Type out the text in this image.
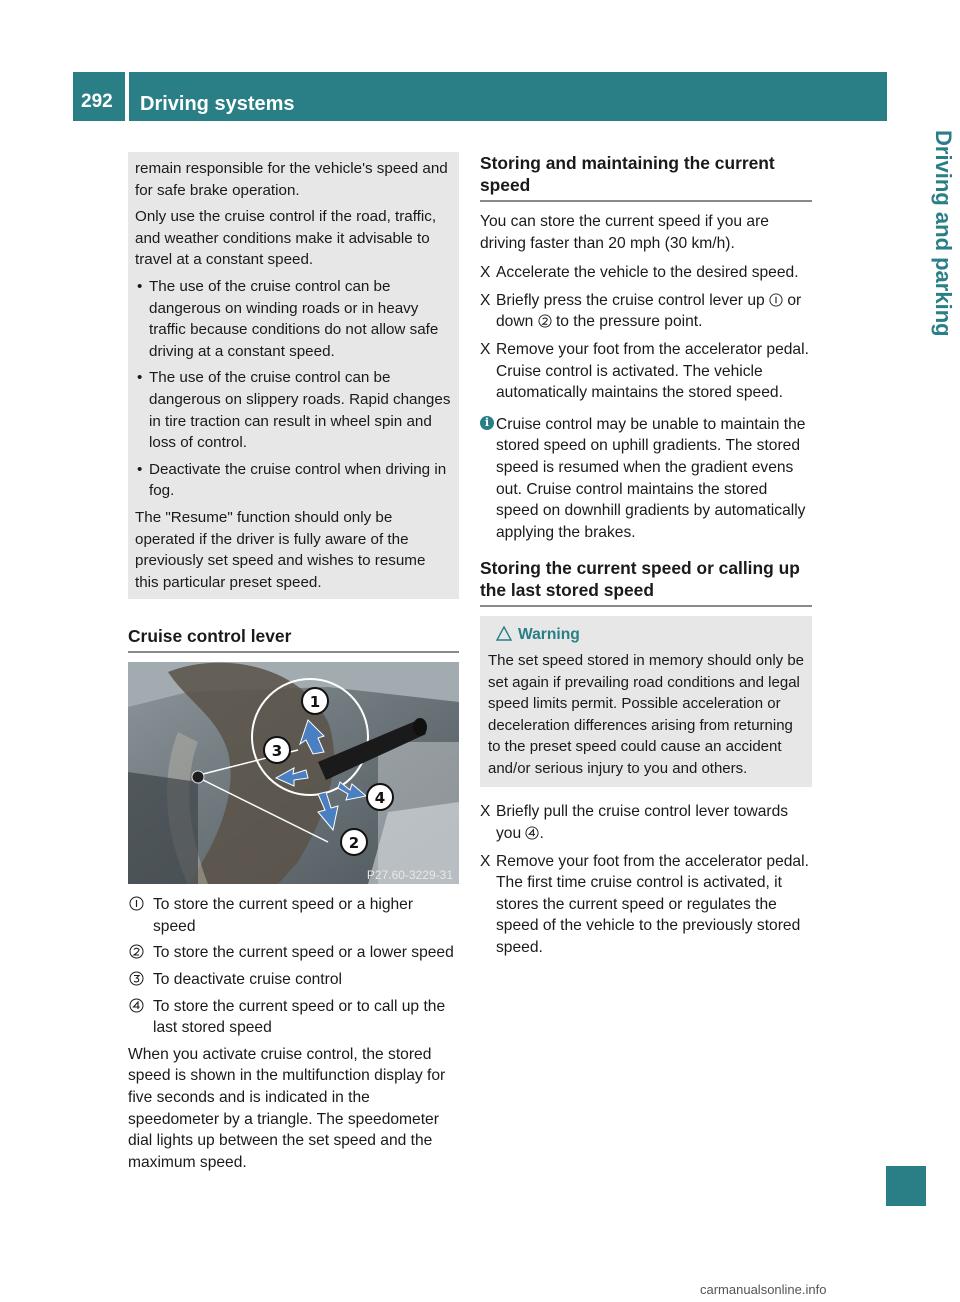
292	Driving systems
Driving and parking

remain responsible for the vehicle's speed and for safe brake operation.

Only use the cruise control if the road, traffic, and weather conditions make it advisable to travel at a constant speed.

• The use of the cruise control can be dangerous on winding roads or in heavy traffic because conditions do not allow safe driving at a constant speed.
• The use of the cruise control can be dangerous on slippery roads. Rapid changes in tire traction can result in wheel spin and loss of control.
• Deactivate the cruise control when driving in fog.

The "Resume" function should only be operated if the driver is fully aware of the previously set speed and wishes to resume this particular preset speed.

Cruise control lever
1
3
4
2
P27.60-3229-31
To store the current speed or a higher speed
To store the current speed or a lower speed
To deactivate cruise control
To store the current speed or to call up the last stored speed

When you activate cruise control, the stored speed is shown in the multifunction display for five seconds and is indicated in the speedometer by a triangle. The speedometer dial lights up between the set speed and the maximum speed.

Storing and maintaining the current speed

You can store the current speed if you are driving faster than 20 mph (30 km/h).

X Accelerate the vehicle to the desired speed.
X Briefly press the cruise control lever up  or down  to the pressure point.
X Remove your foot from the accelerator pedal.
Cruise control is activated. The vehicle automatically maintains the stored speed.
i Cruise control may be unable to maintain the stored speed on uphill gradients. The stored speed is resumed when the gradient evens out. Cruise control maintains the stored speed on downhill gradients by automatically applying the brakes.
Storing the current speed or calling up the last stored speed
Warning

The set speed stored in memory should only be set again if prevailing road conditions and legal speed limits permit. Possible acceleration or deceleration differences arising from returning to the preset speed could cause an accident and/or serious injury to you and others.

X Briefly pull the cruise control lever towards you .
X Remove your foot from the accelerator pedal.
The first time cruise control is activated, it stores the current speed or regulates the speed of the vehicle to the previously stored speed.
carmanualsonline.info
